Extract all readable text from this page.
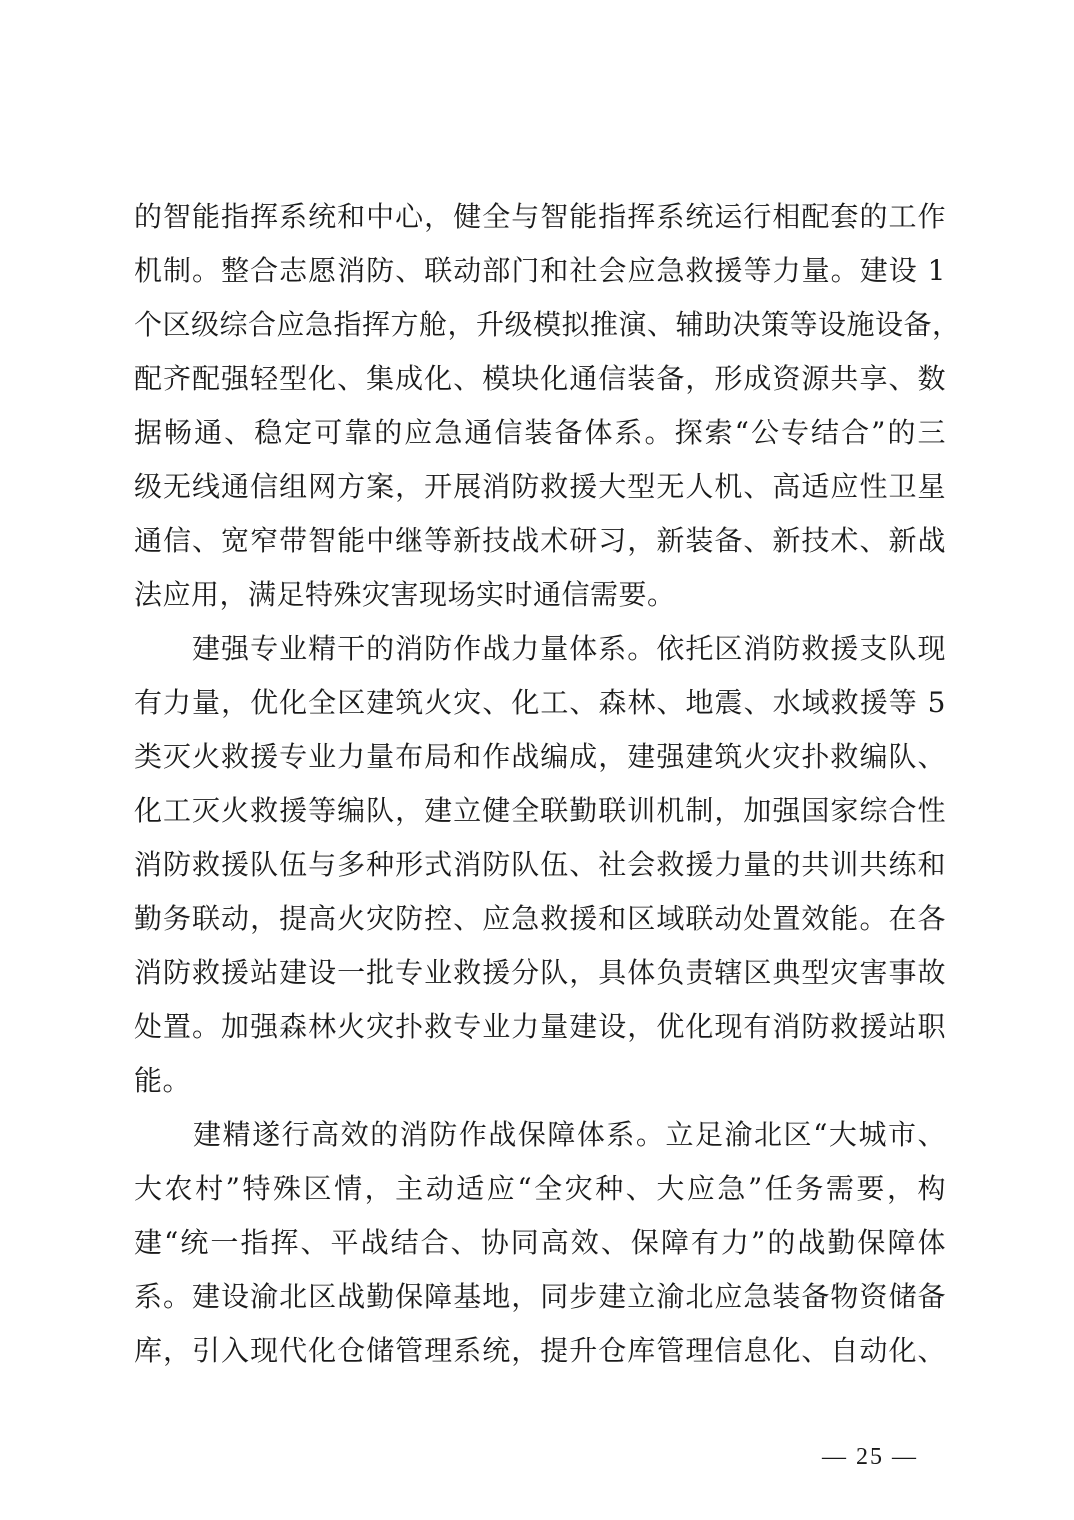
的智能指挥系统和中心，健全与智能指挥系统运行相配套的工作
机制。整合志愿消防、联动部门和社会应急救援等力量。建设 1
个区级综合应急指挥方舱，升级模拟推演、辅助决策等设施设备，
配齐配强轻型化、集成化、模块化通信装备，形成资源共享、数
据畅通、稳定可靠的应急通信装备体系。探索“公专结合”的三
级无线通信组网方案，开展消防救援大型无人机、高适应性卫星
通信、宽窄带智能中继等新技战术研习，新装备、新技术、新战
法应用，满足特殊灾害现场实时通信需要。
　　建强专业精干的消防作战力量体系。依托区消防救援支队现
有力量，优化全区建筑火灾、化工、森林、地震、水域救援等 5
类灭火救援专业力量布局和作战编成，建强建筑火灾扑救编队、
化工灭火救援等编队，建立健全联勤联训机制，加强国家综合性
消防救援队伍与多种形式消防队伍、社会救援力量的共训共练和
勤务联动，提高火灾防控、应急救援和区域联动处置效能。在各
消防救援站建设一批专业救援分队，具体负责辖区典型灾害事故
处置。加强森林火灾扑救专业力量建设，优化现有消防救援站职
能。
　　建精遂行高效的消防作战保障体系。立足渝北区“大城市、
大农村”特殊区情，主动适应“全灾种、大应急”任务需要，构
建“统一指挥、平战结合、协同高效、保障有力”的战勤保障体
系。建设渝北区战勤保障基地，同步建立渝北应急装备物资储备
库，引入现代化仓储管理系统，提升仓库管理信息化、自动化、
— 25 —
